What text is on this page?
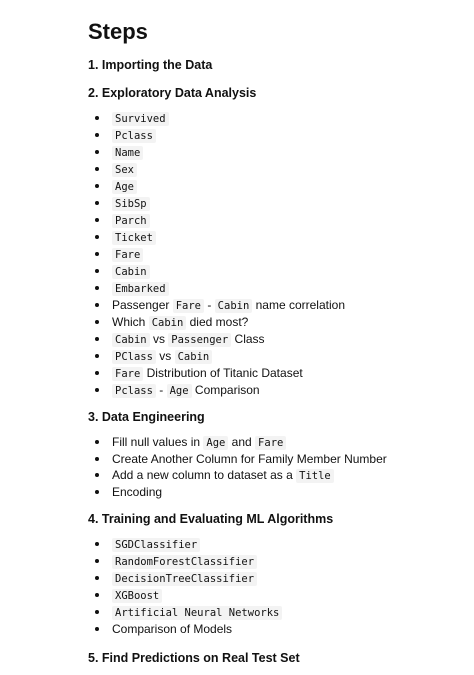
Steps
1. Importing the Data
2. Exploratory Data Analysis
Survived
Pclass
Name
Sex
Age
SibSp
Parch
Ticket
Fare
Cabin
Embarked
Passenger Fare - Cabin name correlation
Which Cabin died most?
Cabin vs Passenger Class
PClass vs Cabin
Fare Distribution of Titanic Dataset
Pclass - Age Comparison
3. Data Engineering
Fill null values in Age and Fare
Create Another Column for Family Member Number
Add a new column to dataset as a Title
Encoding
4. Training and Evaluating ML Algorithms
SGDClassifier
RandomForestClassifier
DecisionTreeClassifier
XGBoost
Artificial Neural Networks
Comparison of Models
5. Find Predictions on Real Test Set
